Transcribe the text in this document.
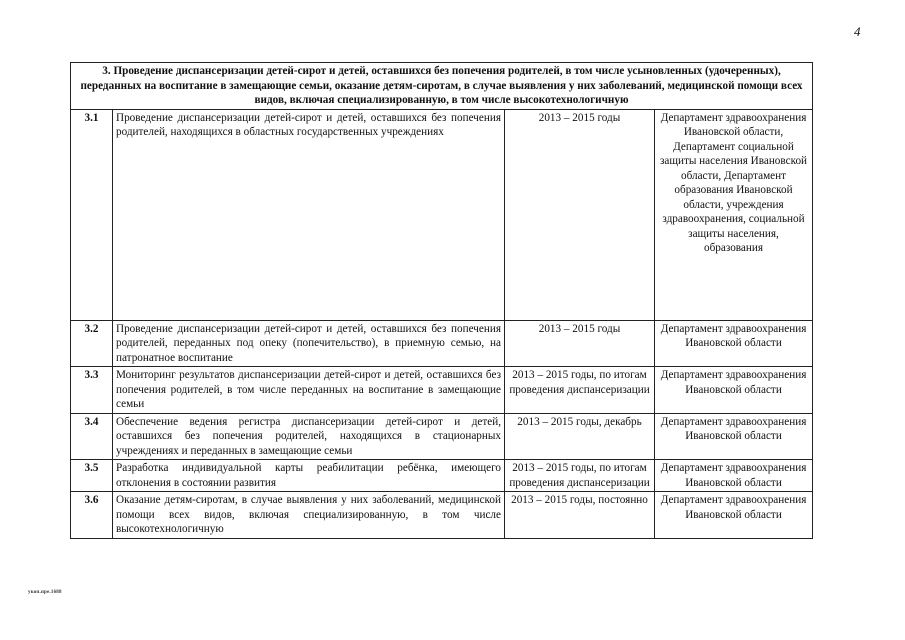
4
3. Проведение диспансеризации детей-сирот и детей, оставшихся без попечения родителей, в том числе усыновленных (удочеренных), переданных на воспитание в замещающие семьи, оказание детям-сиротам, в случае выявления у них заболеваний, медицинской помощи всех видов, включая специализированную, в том числе высокотехнологичную			
3.1	Проведение диспансеризации детей-сирот и детей, оставшихся без попечения родителей, находящихся в областных государственных учреждениях	2013 – 2015 годы	Департамент здравоохранения Ивановской области, Департамент социальной защиты населения Ивановской области, Департамент образования Ивановской области, учреждения здравоохранения, социальной защиты населения, образования
3.2	Проведение диспансеризации детей-сирот и детей, оставшихся без попечения родителей, переданных под опеку (попечительство), в приемную семью, на патронатное воспитание	2013 – 2015 годы	Департамент здравоохранения Ивановской области
3.3	Мониторинг результатов диспансеризации детей-сирот и детей, оставшихся без попечения родителей, в том числе переданных на воспитание в замещающие семьи	2013 – 2015 годы, по итогам проведения диспансеризации	Департамент здравоохранения Ивановской области
3.4	Обеспечение ведения регистра диспансеризации детей-сирот и детей, оставшихся без попечения родителей, находящихся в стационарных учреждениях и переданных в замещающие семьи	2013 – 2015 годы, декабрь	Департамент здравоохранения Ивановской области
3.5	Разработка индивидуальной карты реабилитации ребёнка, имеющего отклонения в состоянии развития	2013 – 2015 годы, по итогам проведения диспансеризации	Департамент здравоохранения Ивановской области
3.6	Оказание детям-сиротам, в случае выявления у них заболеваний, медицинской помощи всех видов, включая специализированную, в том числе высокотехнологичную	2013 – 2015 годы, постоянно	Департамент здравоохранения Ивановской области
укоп.пре.1688
